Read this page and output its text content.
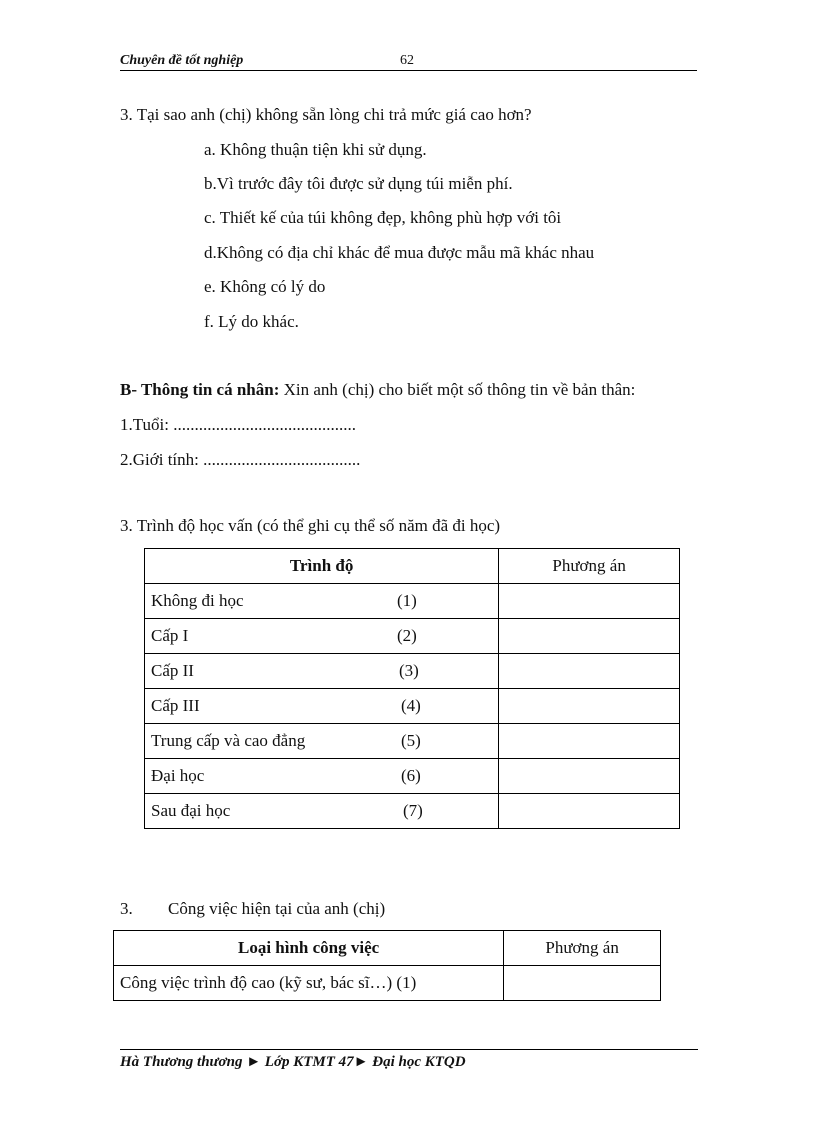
Chuyên đề tốt nghiệp	62
3. Tại sao anh (chị) không sẵn lòng chi trả mức giá cao hơn?
a. Không thuận tiện khi sử dụng.
b.Vì trước đây tôi được sử dụng túi miễn phí.
c. Thiết kế của túi không đẹp, không phù hợp với tôi
d.Không có địa chỉ khác để mua được mẫu mã khác nhau
e. Không có lý do
f. Lý do khác.
B- Thông tin cá nhân: Xin anh (chị) cho biết một số thông tin về bản thân:
1.Tuổi: ...........................................
2.Giới tính: .....................................
3. Trình độ học vấn (có thể ghi cụ thể số năm đã đi học)
Trình độ	Phương án
Không đi học (1)	

Cấp I (2)	

Cấp II (3)	

Cấp III (4)	

Trung cấp và cao đẳng (5)	

Đại học (6)	

Sau đại học (7)	

3. Công việc hiện tại của anh (chị)
Loại hình công việc	Phương án
Công việc trình độ cao (kỹ sư, bác sĩ…) (1)	
Hà Thương thương ► Lớp KTMT 47► Đại học KTQD
